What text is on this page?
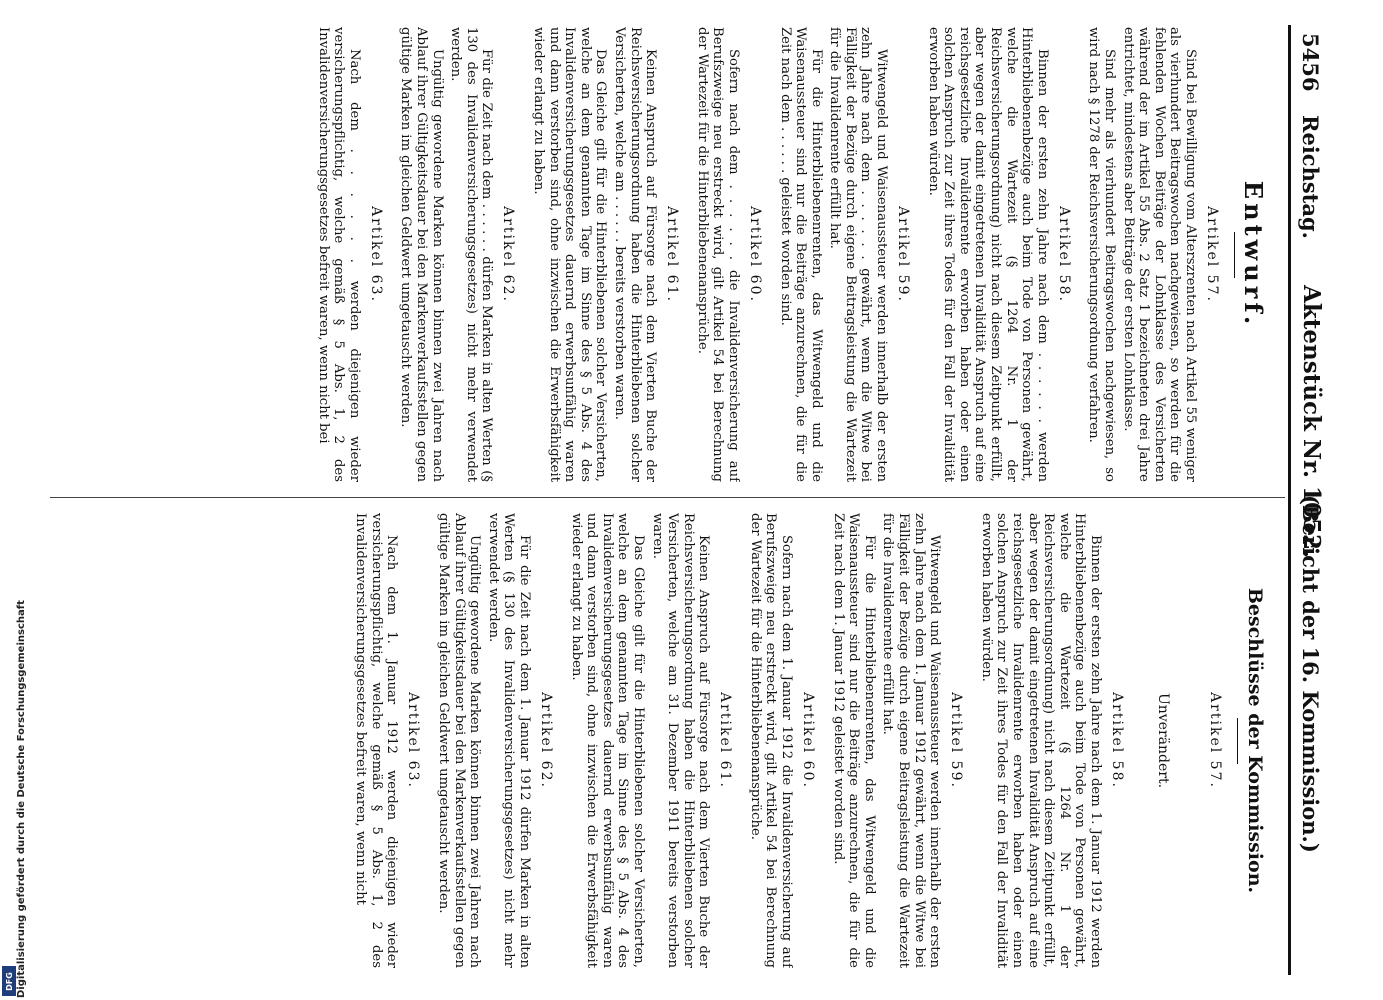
5456
Reichstag.
Aktenstück Nr. 1052.
(Bericht der 16. Kommission.)
Entwurf.
Artikel 57.

Sind bei Bewilligung vom Alterszrenten nach Artikel 55 weniger als vierhundert Beitragswochen nachgewiesen, so werden für die fehlenden Wochen Beiträge der Lohnklasse des Versicherten während der im Artikel 55 Abs. 2 Satz 1 bezeichneten drei Jahre entrichtet, mindestens aber Beiträge der ersten Lohnklasse.

Sind mehr als vierhundert Beitragswochen nachgewiesen, so wird nach § 1278 der Reichsversicherungsordnung verfahren.

Artikel 58.

Binnen der ersten zehn Jahre nach dem . . . . . . werden Hinterbliebenenbezüge auch beim Tode von Personen gewährt, welche die Wartezeit (§ 1264 Nr. 1 der Reichsversicherungsordnung) nicht nach diesem Zeitpunkt erfüllt, aber wegen der damit eingetretenen Invalidität Anspruch auf eine reichsgesetzliche Invalidenrente erworben haben oder einen solchen Anspruch zur Zeit ihres Todes für den Fall der Invalidität erworben haben würden.

Artikel 59.

Witwengeld und Waisenaussteuer werden innerhalb der ersten zehn Jahre nach dem . . . . . . gewährt, wenn die Witwe bei Fälligkeit der Bezüge durch eigene Beitragsleistung die Wartezeit für die Invalidenrente erfüllt hat.

Für die Hinterbliebenenrenten, das Witwengeld und die Waisenaussteuer sind nur die Beiträge anzurechnen, die für die Zeit nach dem . . . . . . geleistet worden sind.

Artikel 60.

Sofern nach dem . . . . . . die Invalidenversicherung auf Berufszweige neu erstreckt wird, gilt Artikel 54 bei Berechnung der Wartezeit für die Hinterbliebenenansprüche.

Artikel 61.

Keinen Anspruch auf Fürsorge nach dem Vierten Buche der Reichsversicherungsordnung haben die Hinterbliebenen solcher Versicherten, welche am . . . . . . bereits verstorben waren.

Das Gleiche gilt für die Hinterbliebenen solcher Versicherten, welche an dem genannten Tage im Sinne des § 5 Abs. 4 des Invalidenversicherungsgesetzes dauernd erwerbsunfähig waren und dann verstorben sind, ohne inzwischen die Erwerbsfähigkeit wieder erlangt zu haben.

Artikel 62.

Für die Zeit nach dem . . . . . . dürfen Marken in alten Werten (§ 130 des Invalidenversicherungsgesetzes) nicht mehr verwendet werden.

Ungültig gewordene Marken können binnen zwei Jahren nach Ablauf ihrer Gültigkeitsdauer bei den Markenverkaufsstellen gegen gültige Marken im gleichen Geldwert umgetauscht werden.

Artikel 63.

Nach dem . . . . . . werden diejenigen wieder versicherungspflichtig, welche gemäß § 5 Abs. 1, 2 des Invalidenversicherungsgesetzes befreit waren, wenn nicht bei

Beschlüsse der Kommission.
Artikel 57.
Unverändert.
Artikel 58.

Binnen der ersten zehn Jahre nach dem 1. Januar 1912 werden Hinterbliebenenbezüge auch beim Tode von Personen gewährt, welche die Wartezeit (§ 1264 Nr. 1 der Reichsversicherungsordnung) nicht nach diesem Zeitpunkt erfüllt, aber wegen der damit eingetretenen Invalidität Anspruch auf eine reichsgesetzliche Invalidenrente erworben haben oder einen solchen Anspruch zur Zeit ihres Todes für den Fall der Invalidität erworben haben würden.

Artikel 59.

Witwengeld und Waisenaussteuer werden innerhalb der ersten zehn Jahre nach dem 1. Januar 1912 gewährt, wenn die Witwe bei Fälligkeit der Bezüge durch eigene Beitragsleistung die Wartezeit für die Invalidenrente erfüllt hat.

Für die Hinterbliebenenrenten, das Witwengeld und die Waisenaussteuer sind nur die Beiträge anzurechnen, die für die Zeit nach dem 1. Januar 1912 geleistet worden sind.

Artikel 60.

Sofern nach dem 1. Januar 1912 die Invalidenversicherung auf Berufszweige neu erstreckt wird, gilt Artikel 54 bei Berechnung der Wartezeit für die Hinterbliebenenansprüche.

Artikel 61.

Keinen Anspruch auf Fürsorge nach dem Vierten Buche der Reichsversicherungsordnung haben die Hinterbliebenen solcher Versicherten, welche am 31. Dezember 1911 bereits verstorben waren.

Das Gleiche gilt für die Hinterbliebenen solcher Versicherten, welche an dem genannten Tage im Sinne des § 5 Abs. 4 des Invalidenversicherungsgesetzes dauernd erwerbsunfähig waren und dann verstorben sind, ohne inzwischen die Erwerbsfähigkeit wieder erlangt zu haben.

Artikel 62.

Für die Zeit nach dem 1. Januar 1912 dürfen Marken in alten Werten (§ 130 des Invalidenversicherungsgesetzes) nicht mehr verwendet werden.

Ungültig gewordene Marken können binnen zwei Jahren nach Ablauf ihrer Gültigkeitsdauer bei den Markenverkaufsstellen gegen gültige Marken im gleichen Geldwert umgetauscht werden.

Artikel 63.

Nach dem 1. Januar 1912 werden diejenigen wieder versicherungspflichtig, welche gemäß § 5 Abs. 1, 2 des Invalidenversicherungsgesetzes befreit waren, wenn nicht

Digitalisierung gefördert durch die Deutsche Forschungsgemeinschaft
DFG
